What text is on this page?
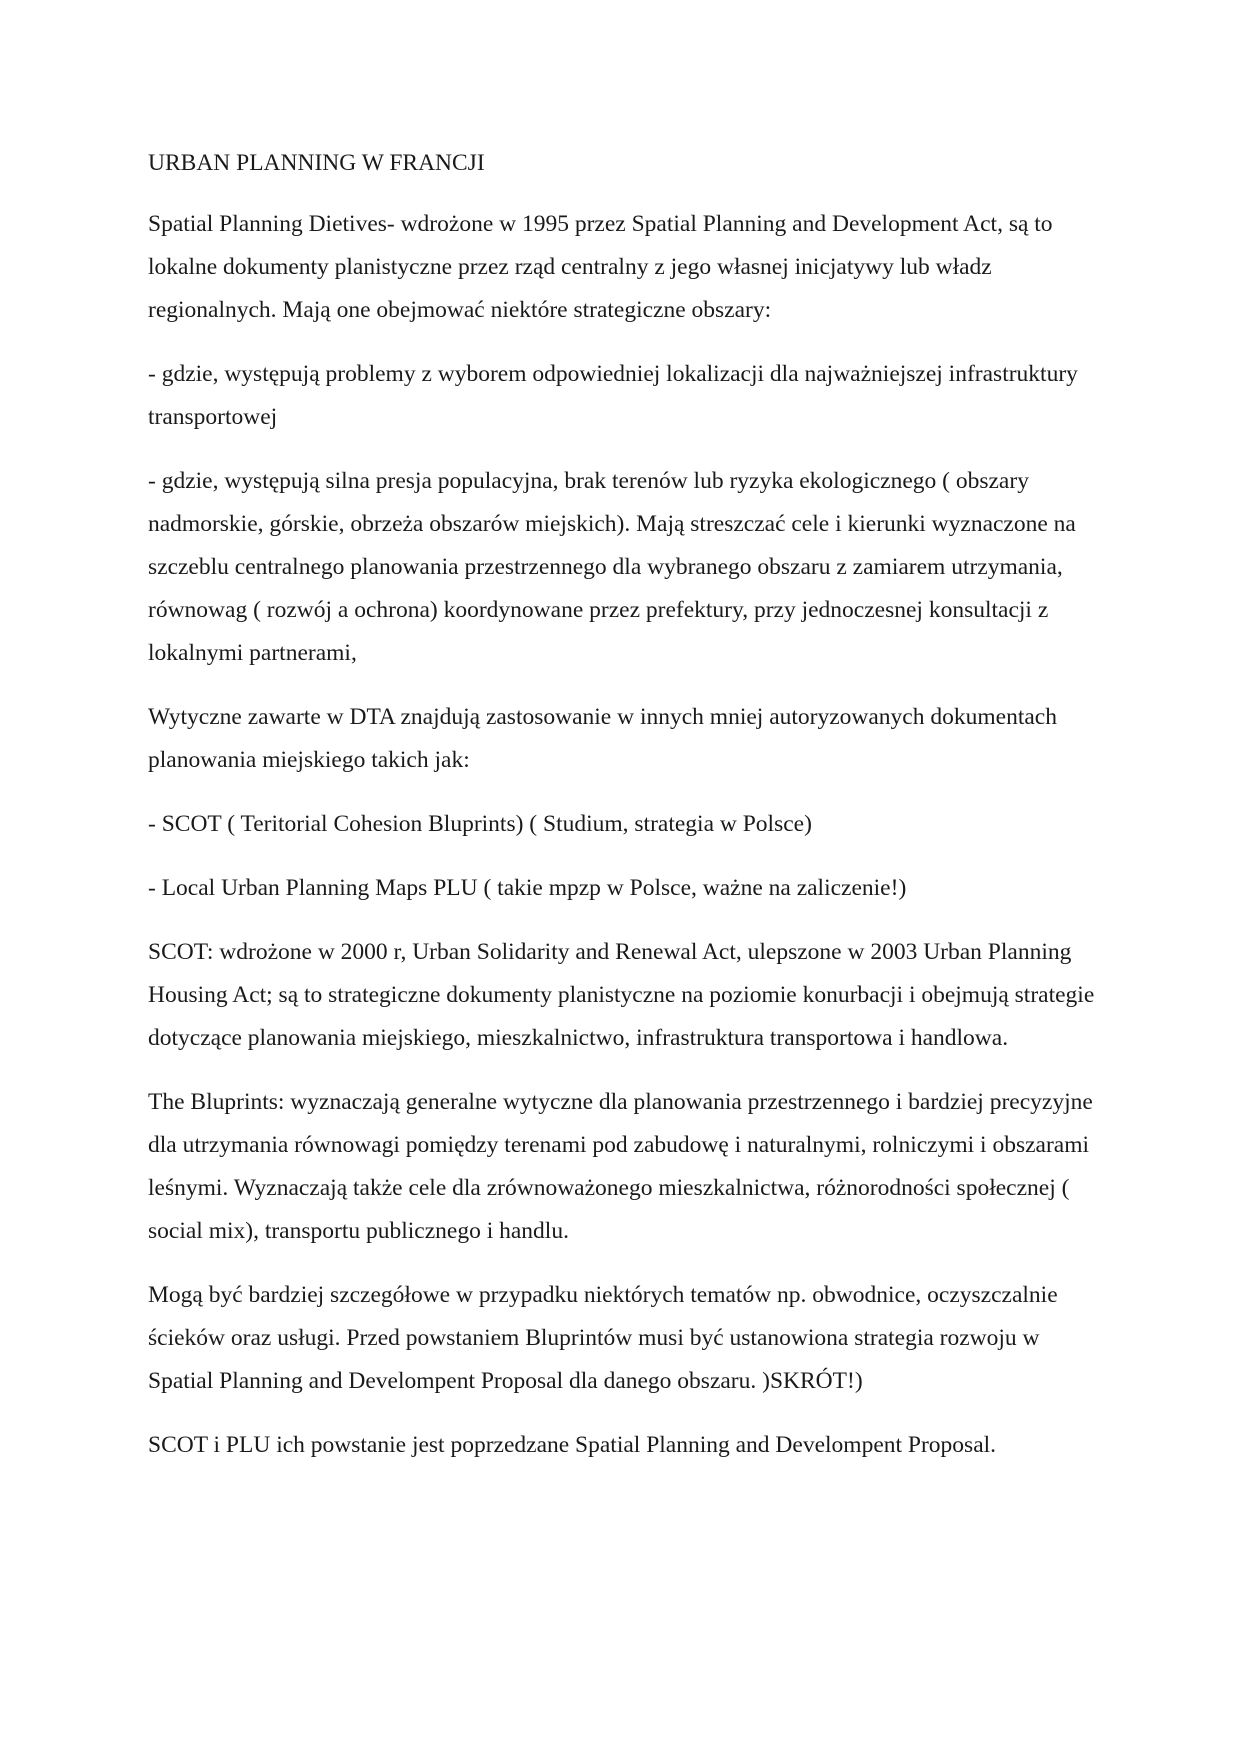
URBAN PLANNING W FRANCJI

Spatial Planning Dietives- wdrożone w 1995 przez Spatial Planning and Development Act, są to lokalne dokumenty planistyczne przez rząd centralny z jego własnej inicjatywy lub władz regionalnych. Mają one obejmować niektóre strategiczne obszary:

- gdzie, występują problemy z wyborem odpowiedniej lokalizacji dla najważniejszej infrastruktury transportowej

- gdzie, występują silna presja populacyjna, brak terenów lub ryzyka ekologicznego ( obszary nadmorskie, górskie, obrzeża obszarów miejskich). Mają streszczać cele i kierunki wyznaczone na szczeblu centralnego planowania przestrzennego dla wybranego obszaru z zamiarem utrzymania, równowag ( rozwój a ochrona) koordynowane przez prefektury, przy jednoczesnej konsultacji z lokalnymi partnerami,

Wytyczne zawarte w DTA znajdują zastosowanie w innych mniej autoryzowanych dokumentach planowania miejskiego takich jak:

- SCOT ( Teritorial Cohesion Bluprints) ( Studium, strategia w Polsce)

- Local Urban Planning Maps PLU ( takie mpzp w Polsce, ważne na zaliczenie!)

SCOT: wdrożone w 2000 r, Urban Solidarity and Renewal Act, ulepszone w 2003 Urban Planning Housing Act; są to strategiczne dokumenty planistyczne na poziomie konurbacji i obejmują strategie dotyczące planowania miejskiego, mieszkalnictwo, infrastruktura transportowa i handlowa.

The Bluprints: wyznaczają generalne wytyczne dla planowania przestrzennego i bardziej precyzyjne dla utrzymania równowagi pomiędzy terenami pod zabudowę i naturalnymi, rolniczymi i obszarami leśnymi. Wyznaczają także cele dla zrównoważonego mieszkalnictwa, różnorodności społecznej ( social mix), transportu publicznego i handlu.

Mogą być bardziej szczegółowe w przypadku niektórych tematów np. obwodnice, oczyszczalnie ścieków oraz usługi. Przed powstaniem Bluprintów musi być ustanowiona strategia rozwoju w Spatial Planning and Develompent Proposal dla danego obszaru. )SKRÓT!)

SCOT i PLU ich powstanie jest poprzedzane Spatial Planning and Develompent Proposal.
